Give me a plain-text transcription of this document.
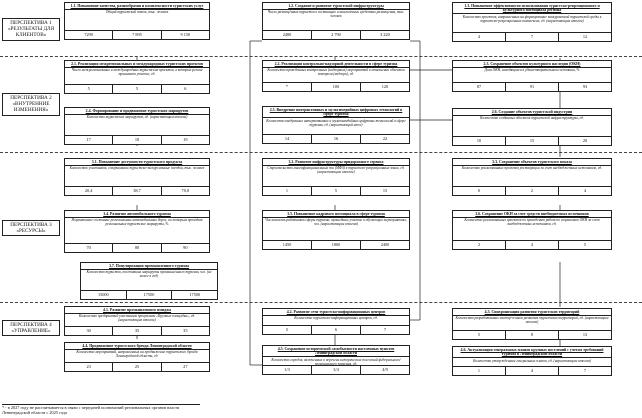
ПЕРСПЕКТИВА 1 «РЕЗУЛЬТАТЫ ДЛЯ КЛИЕНТОВ»
ПЕРСПЕКТИВА 2 «ВНУТРЕННИЕ ИЗМЕНЕНИЯ»
ПЕРСПЕКТИВА 3 «РЕСУРСЫ»
ПЕРСПЕКТИВА 4 «УПРАВЛЕНИЕ»
1.1. Повышение качества, разнообразия и комплексности туристских услуг
Общий туристский поток, тыс. человек
7290	7 895	9 150
2.1. Реализация межрегиональных и международных туристских проектов
Число межрегиональных и международных туристских проектов, в которых регион принимает участие, ед.
5	5	6
2.4. Формирование и продвижение туристских маршрутов
Количество туристских маршрутов, ед. (нарастающим итогом)
17	18	19
3.1. Повышение доступности туристского продукта
Количество участников, совершивших туристско-экскурсионные поездки, тыс. человек
20,4	38,7	70,0
3.4. Развитие автомобильного туризма
Нормативное состояние региональных автомобильных дорог, по которым проходят региональные туристские маршруты, %
70	80	90
4.1. Развитие промышленного имиджа
Количество предприятий-участников программы «Крупные площадки», ед. (нарастающим итогом)
30	35	35
4.4. Продвижение туристского бренда Ленинградской области
Количество мероприятий, направленных на продвижение туристского бренда Ленинградской области, ед.
23	25	27
3.7. Популяризация промышленного туризма
Количество туристов, посетивших маршруты промышленного туризма, чел. (не менее в год)
15000	17500	17500
1.2. Создание и развитие туристской инфраструктуры
Число размещённых туристов в гостиницах и аналогичных средствах размещения, тыс. человек
2480	2 790	3 220
2.2. Реализация контрольно-надзорной деятельности в сфере туризма
Количество проведенных контрольных (надзорных) мероприятий в отношении объектов контроля (надзора), ед.
*	100	120
2.5. Внедрение интерактивных и мультимедийных цифровых технологий в сфере туризма
Количество внедренных интерактивных и мультимедийных цифровых технологий в сфере туризма, ед. (нарастающий итог)
14	16	22
3.2. Развитие инфраструктуры придорожного сервиса
Строительство многофункциональных зон (МФЗ) в туристско-рекреационных зонах, ед. (нарастающим итогом)
1	5	15
3.5. Повышение кадрового потенциала в сфере туризма
Численность работников сферы туризма, прошедших участие в обучающих мероприятиях, чел. (нарастающим итогом)
1450	1800	2400
4.2. Развитие сети туристско-информационных центров
Количество туристско-информационных центров, ед.
5	6	7
4.5. Сохранение исторической самобытности населенных пунктов Ленинградской области
Количество городов, включенных в перечень исторических поселений федерального/регионального значения, ед.
1/3	3/4	4/9
1.3. Повышение эффективности использования туристско-рекреационного и культурного потенциала региона
Количество проектов, направленных на формирование конкурентной туристской среды в туристско-рекреационных комплексах, ед. (нарастающим итогом)
4	7	12
2.3. Сохранение объектов культурного наследия (ОКН)
Доля ОКН, находящихся в удовлетворительном состоянии, %
87	91	93
2.6. Создание объектов туристской индустрии
Количество созданных объектов туристской инфраструктуры, ед.
10	15	20
3.3. Сохранение объектов туристского показа
Количество реализованных проектов реставрации за счет внебюджетных источников, ед.
0	2	4
3.6. Сохранение ОКН за счет средств внебюджетных источников
Количество реализованных проектов по проведению работ по сохранению ОКН за счет внебюджетных источников, ед.
2	4	5
4.3. Синхронизация развития туристских территорий
Количество разработанных мастер-планов развития туристских территорий, ед. (нарастающим итогом)
5	8	13
4.6. Актуализация генеральных планов крупных поселений с учетом требований туризма в Ленинградской области
Количество утвержденных генеральных планов, ед. (нарастающим итогом)
1	4	7
* - в 2027 году не рассчитывается в связи с передачей полномочий региональных органов власти Ленинградской области с 2025 года
